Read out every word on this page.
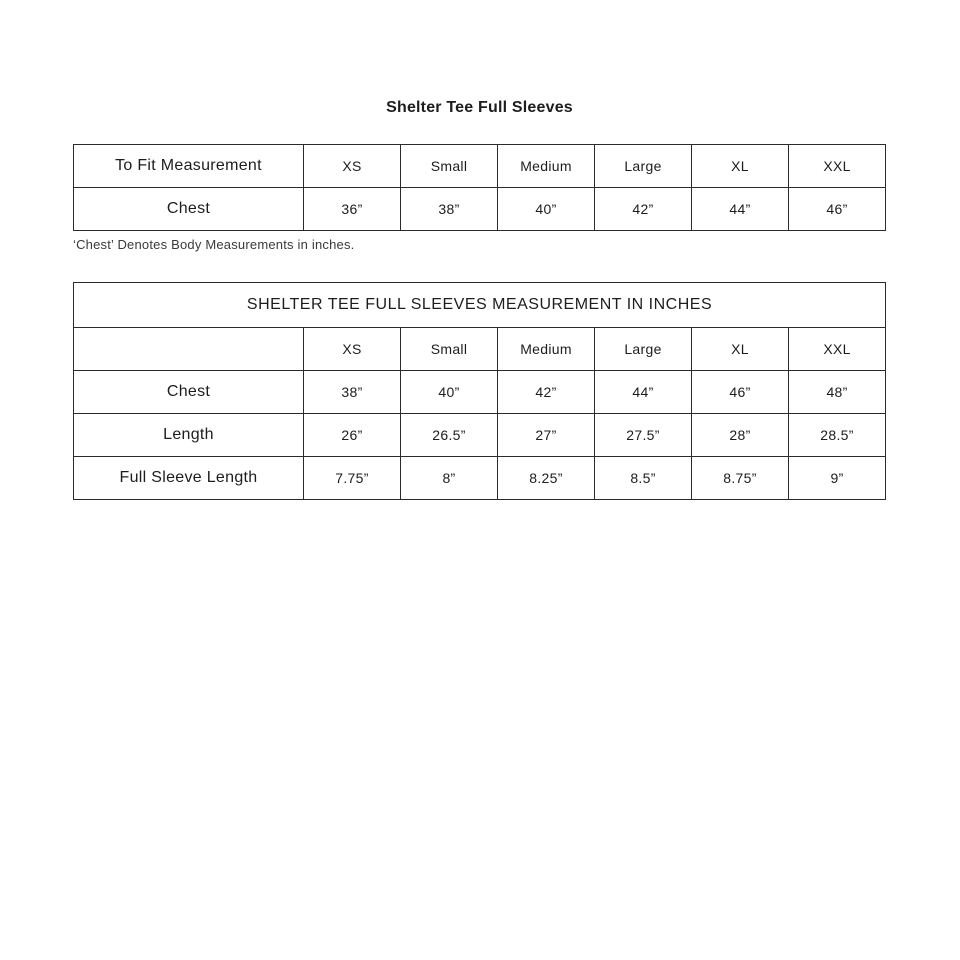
Shelter Tee Full Sleeves
To Fit Measurement	XS	Small	Medium	Large	XL	XXL
Chest	36”	38”	40”	42”	44”	46”
‘Chest’ Denotes Body Measurements in inches.
SHELTER TEE FULL SLEEVES MEASUREMENT IN INCHES						
	XS	Small	Medium	Large	XL	XXL
Chest	38”	40”	42”	44”	46”	48”
Length	26”	26.5”	27”	27.5”	28”	28.5”
Full Sleeve Length	7.75”	8”	8.25”	8.5”	8.75”	9”
